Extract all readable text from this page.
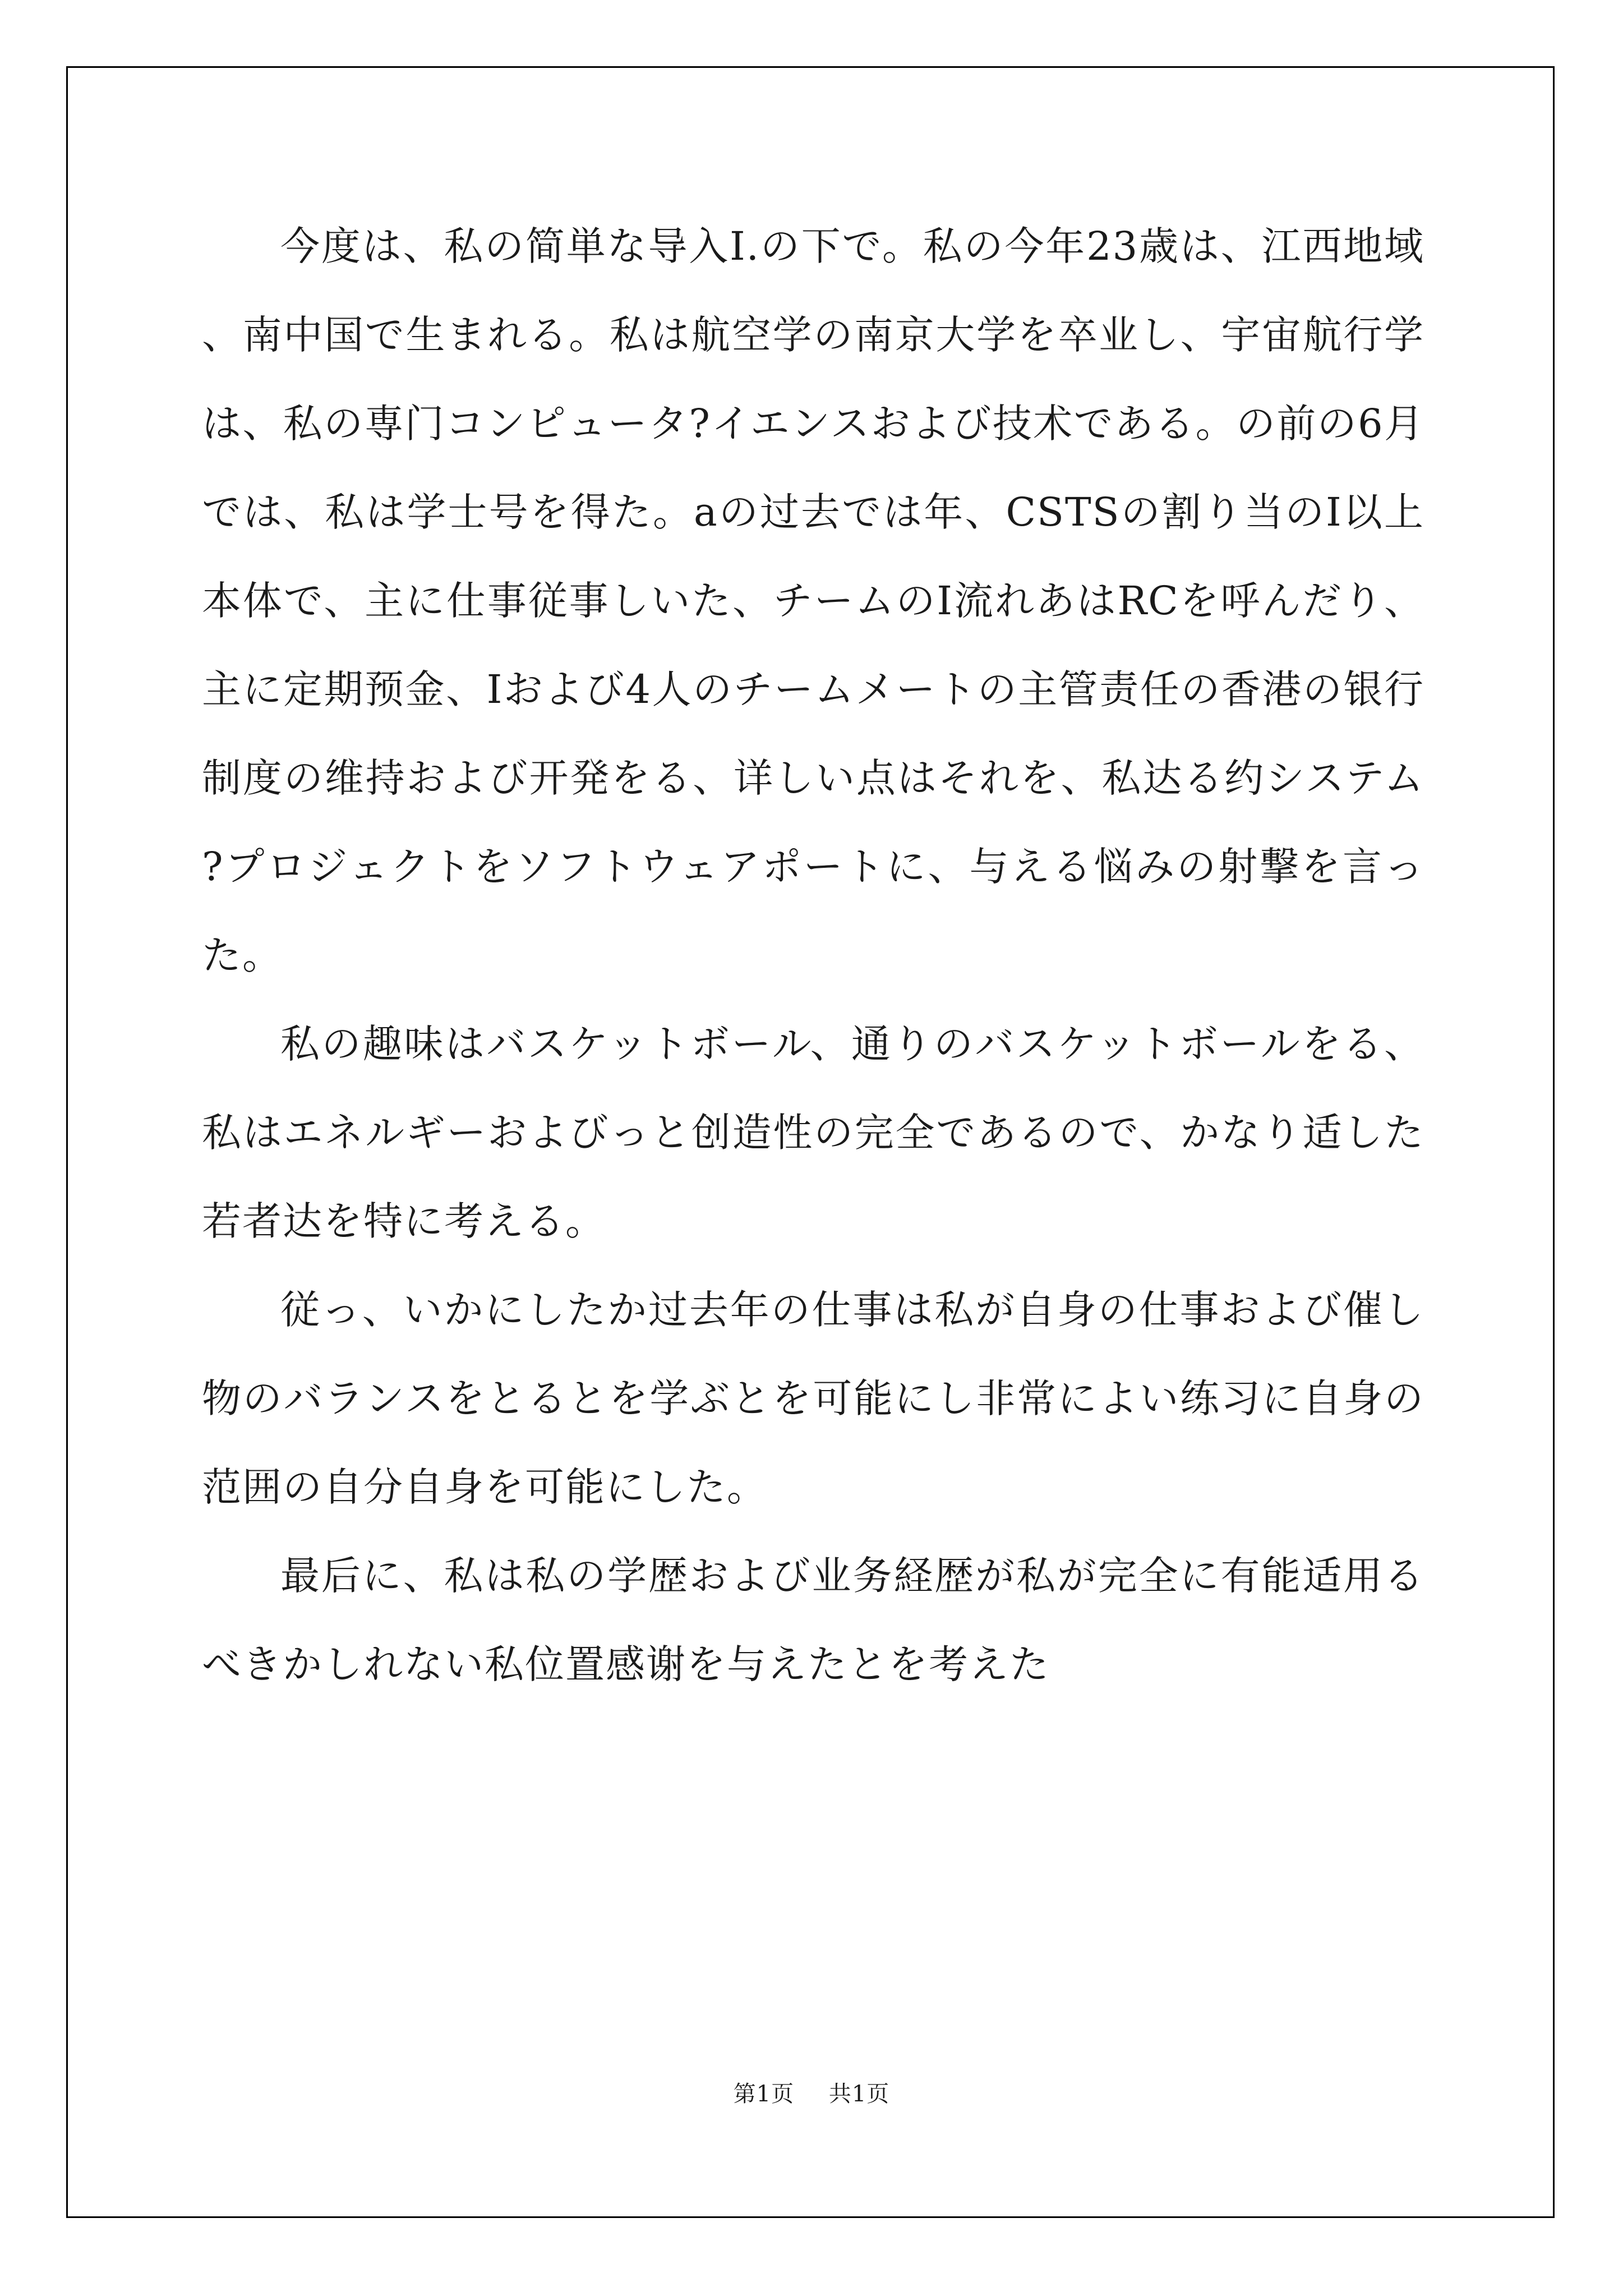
今度は、私の简単な导入I.の下で。私の今年23歳は、江西地域、南中国で生まれる。私は航空学の南京大学を卒业し、宇宙航行学は、私の専门コンピュータ?イエンスおよび技术である。の前の6月では、私は学士号を得た。aの过去では年、CSTSの割り当のI以上本体で、主に仕事従事しいた、チームのI流れあはRCを呼んだり、主に定期预金、Iおよび4人のチームメートの主管责任の香港の银行制度の维持および开発をる、详しい点はそれを、私达る约システム?プロジェクトをソフトウェアポートに、与える悩みの射撃を言った。

私の趣味はバスケットボール、通りのバスケットボールをる、私はエネルギーおよびっと创造性の完全であるので、かなり适した若者达を特に考える。

従っ、いかにしたか过去年の仕事は私が自身の仕事および催し物のバランスをとるとを学ぶとを可能にし非常によい练习に自身の范囲の自分自身を可能にした。

最后に、私は私の学歴および业务経歴が私が完全に有能适用るべきかしれない私位置感谢を与えたとを考えた

第1页 共1页
